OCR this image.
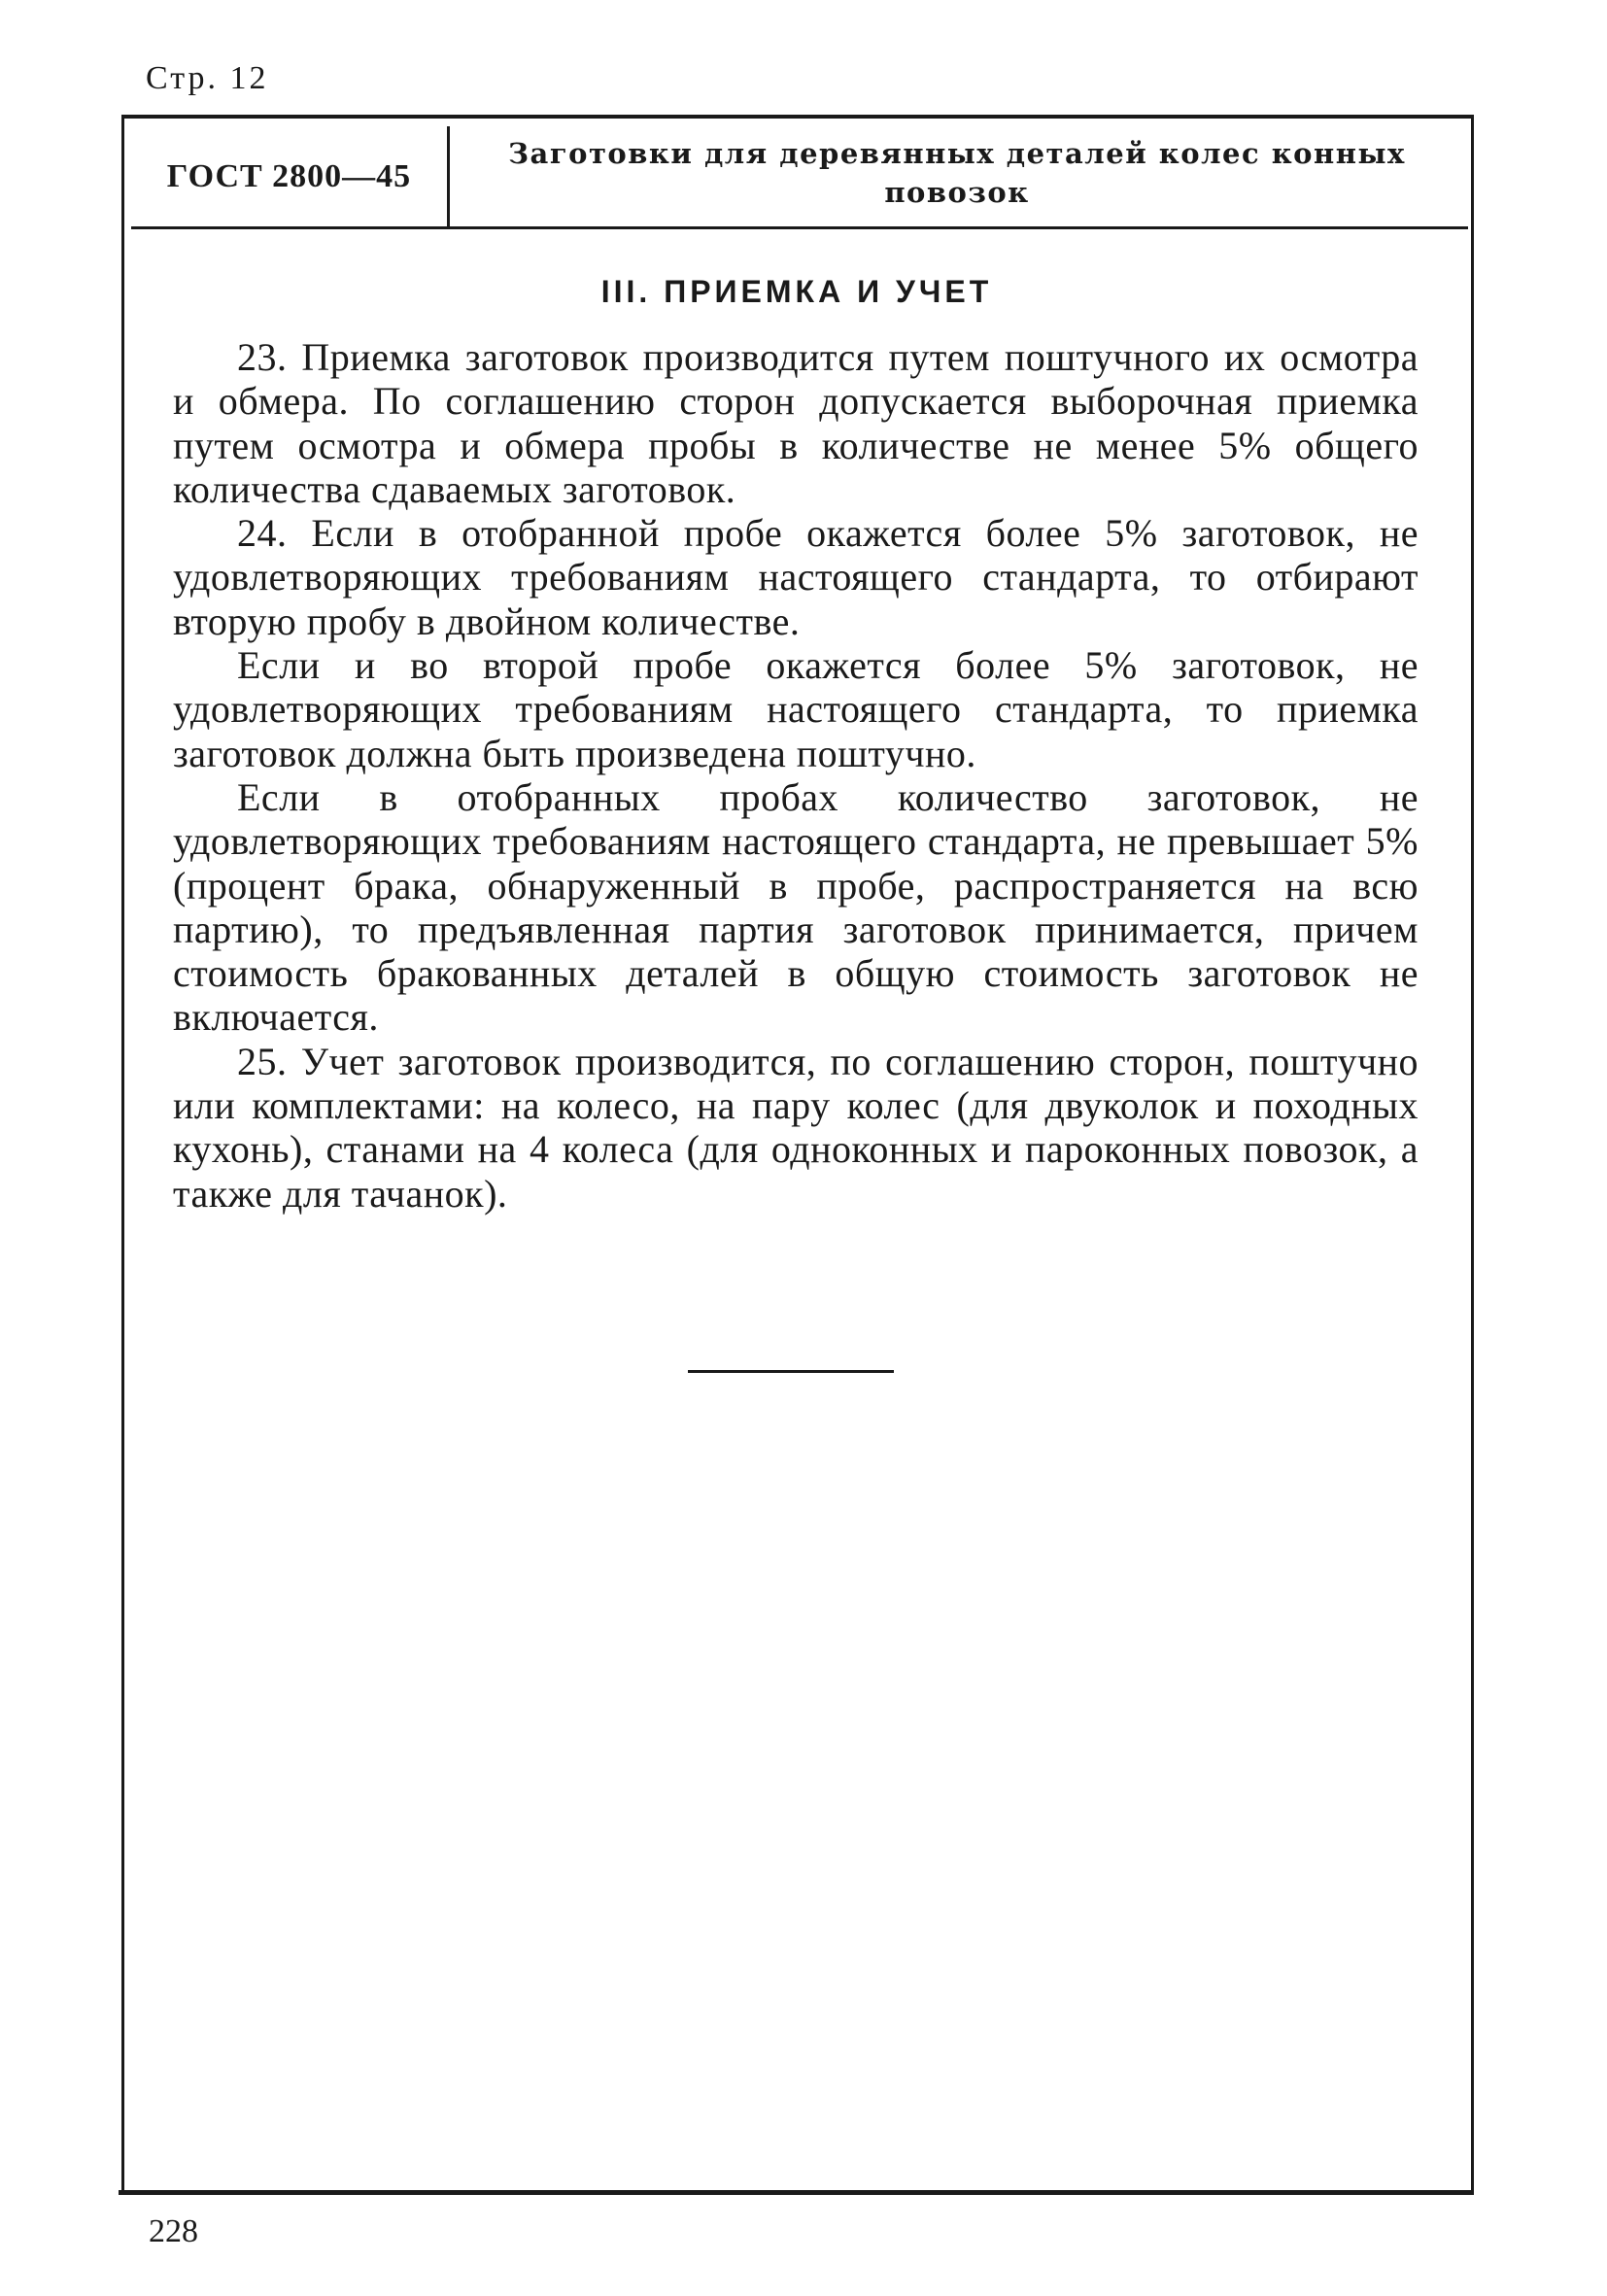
Стр. 12
ГОСТ 2800—45
Заготовки для деревянных деталей колес конных
повозок
III. ПРИЕМКА И УЧЕТ

23. Приемка заготовок производится путем поштучного их осмотра и обмера. По соглашению сторон допускается выборочная приемка путем осмотра и обмера пробы в количестве не менее 5% общего количества сдаваемых заготовок.

24. Если в отобранной пробе окажется более 5% заготовок, не удовлетворяющих требованиям настоящего стандарта, то отбирают вторую пробу в двойном количестве.

Если и во второй пробе окажется более 5% заготовок, не удовлетворяющих требованиям настоящего стандарта, то приемка заготовок должна быть произведена поштучно.

Если в отобранных пробах количество заготовок, не удовлетворяющих требованиям настоящего стандарта, не превышает 5% (процент брака, обнаруженный в пробе, распространяется на всю партию), то предъявленная партия заготовок принимается, причем стоимость бракованных деталей в общую стоимость заготовок не включается.

25. Учет заготовок производится, по соглашению сторон, поштучно или комплектами: на колесо, на пару колес (для двуколок и походных кухонь), станами на 4 колеса (для одноконных и пароконных повозок, а также для тачанок).

228
